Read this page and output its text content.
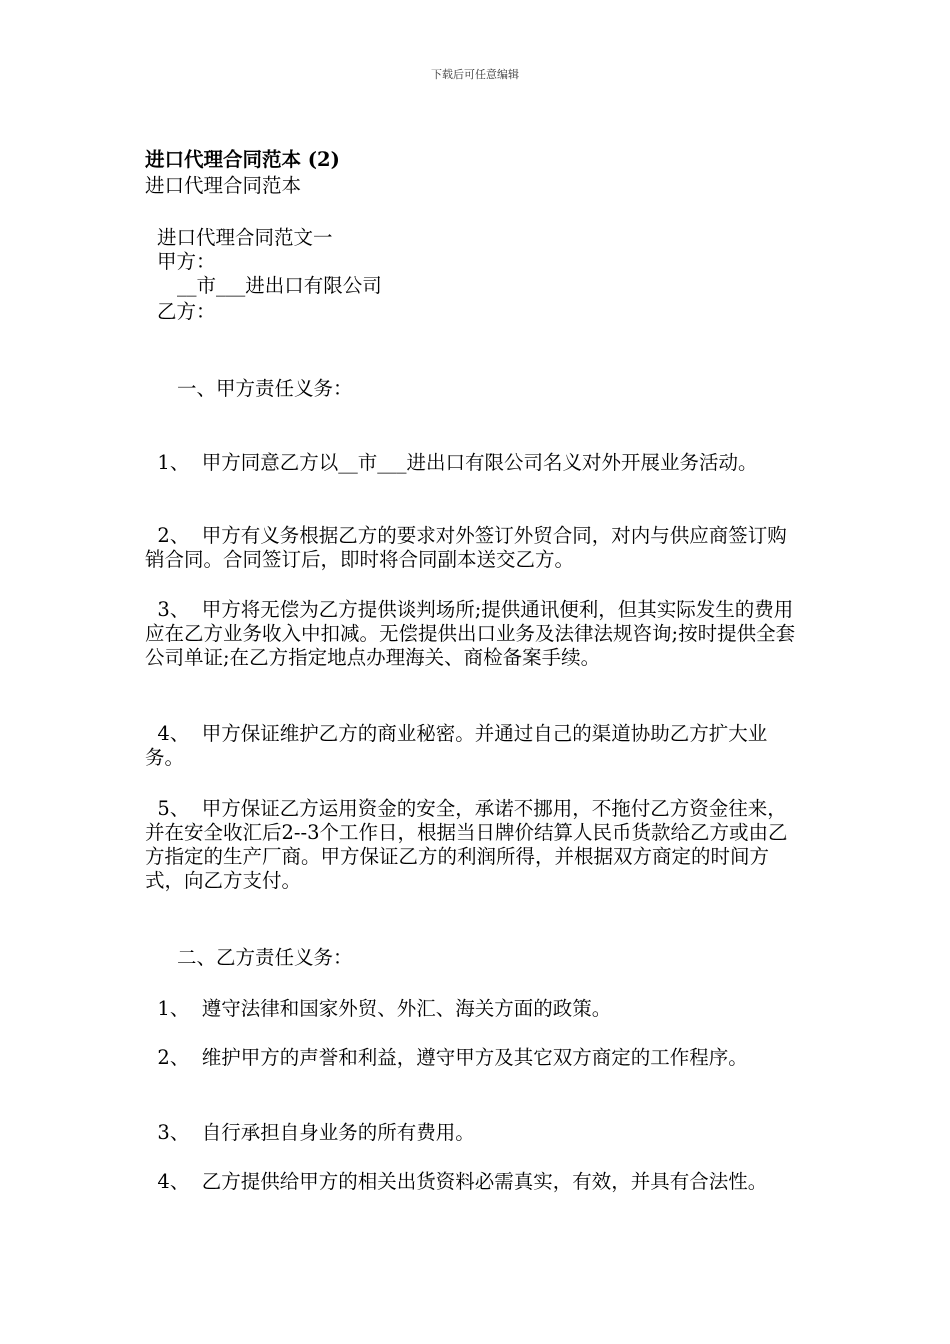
下载后可任意编辑
进口代理合同范本 (2)
进口代理合同范本
进口代理合同范文一
甲方：
__市___进出口有限公司
乙方：
一、甲方责任义务：
1、  甲方同意乙方以__市___进出口有限公司名义对外开展业务活动。
2、  甲方有义务根据乙方的要求对外签订外贸合同，对内与供应商签订购销合同。合同签订后，即时将合同副本送交乙方。
3、  甲方将无偿为乙方提供谈判场所;提供通讯便利，但其实际发生的费用应在乙方业务收入中扣减。无偿提供出口业务及法律法规咨询;按时提供全套公司单证;在乙方指定地点办理海关、商检备案手续。
4、  甲方保证维护乙方的商业秘密。并通过自己的渠道协助乙方扩大业务。
5、  甲方保证乙方运用资金的安全，承诺不挪用，不拖付乙方资金往来，并在安全收汇后2--3个工作日，根据当日牌价结算人民币货款给乙方或由乙方指定的生产厂商。甲方保证乙方的利润所得，并根据双方商定的时间方式，向乙方支付。
二、乙方责任义务：
1、  遵守法律和国家外贸、外汇、海关方面的政策。
2、  维护甲方的声誉和利益，遵守甲方及其它双方商定的工作程序。
3、  自行承担自身业务的所有费用。
4、  乙方提供给甲方的相关出货资料必需真实，有效，并具有合法性。
